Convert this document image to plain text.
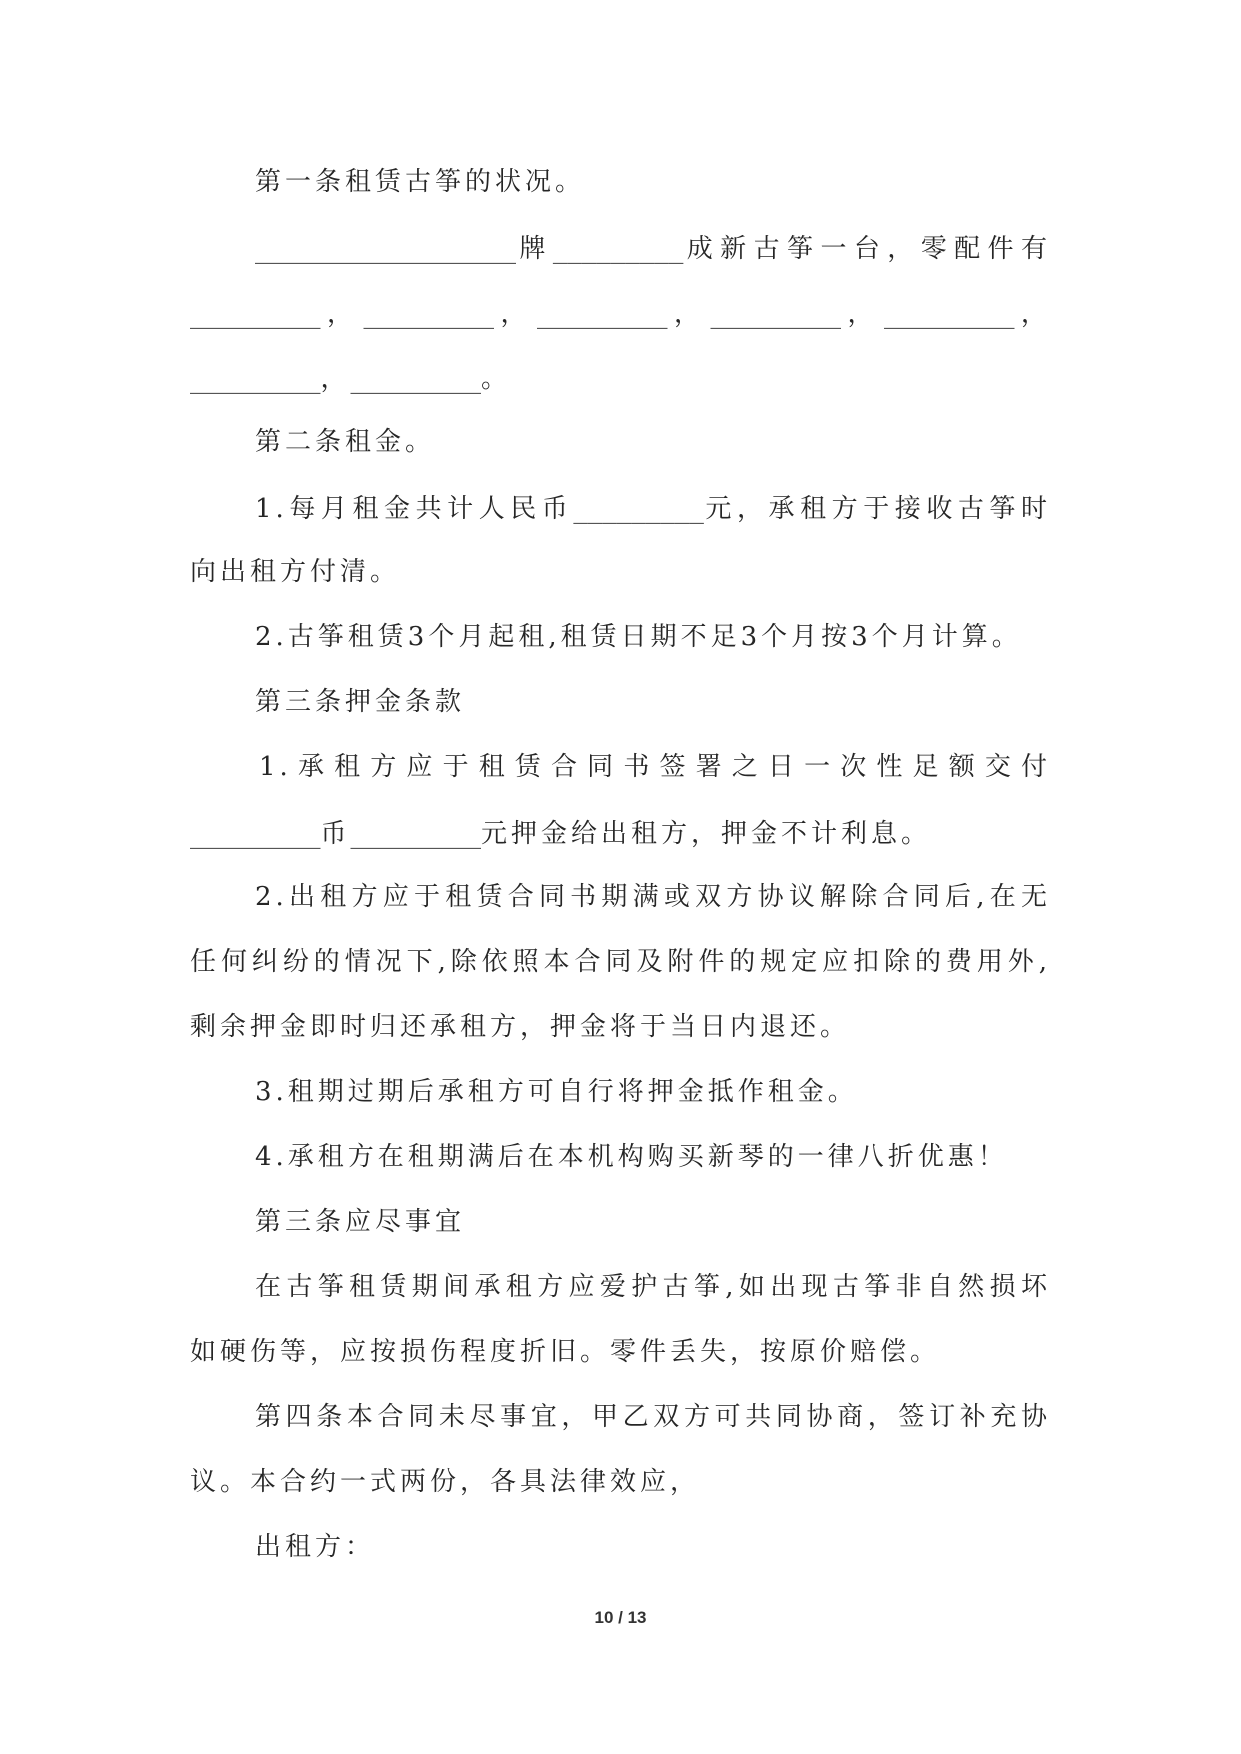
第一条租赁古筝的状况。
__________________牌_________成新古筝一台，零配件有
_________，_________，_________，_________，_________，
_________，_________。
第二条租金。
1.每月租金共计人民币_________元，承租方于接收古筝时
向出租方付清。
2.古筝租赁3个月起租,租赁日期不足3个月按3个月计算。
第三条押金条款
1.承租方应于租赁合同书签署之日一次性足额交付
_________币_________元押金给出租方，押金不计利息。
2.出租方应于租赁合同书期满或双方协议解除合同后,在无
任何纠纷的情况下,除依照本合同及附件的规定应扣除的费用外,
剩余押金即时归还承租方，押金将于当日内退还。
3.租期过期后承租方可自行将押金抵作租金。
4.承租方在租期满后在本机构购买新琴的一律八折优惠！
第三条应尽事宜
在古筝租赁期间承租方应爱护古筝,如出现古筝非自然损坏
如硬伤等，应按损伤程度折旧。零件丢失，按原价赔偿。
第四条本合同未尽事宜，甲乙双方可共同协商，签订补充协
议。本合约一式两份，各具法律效应，
出租方：
10 / 13
